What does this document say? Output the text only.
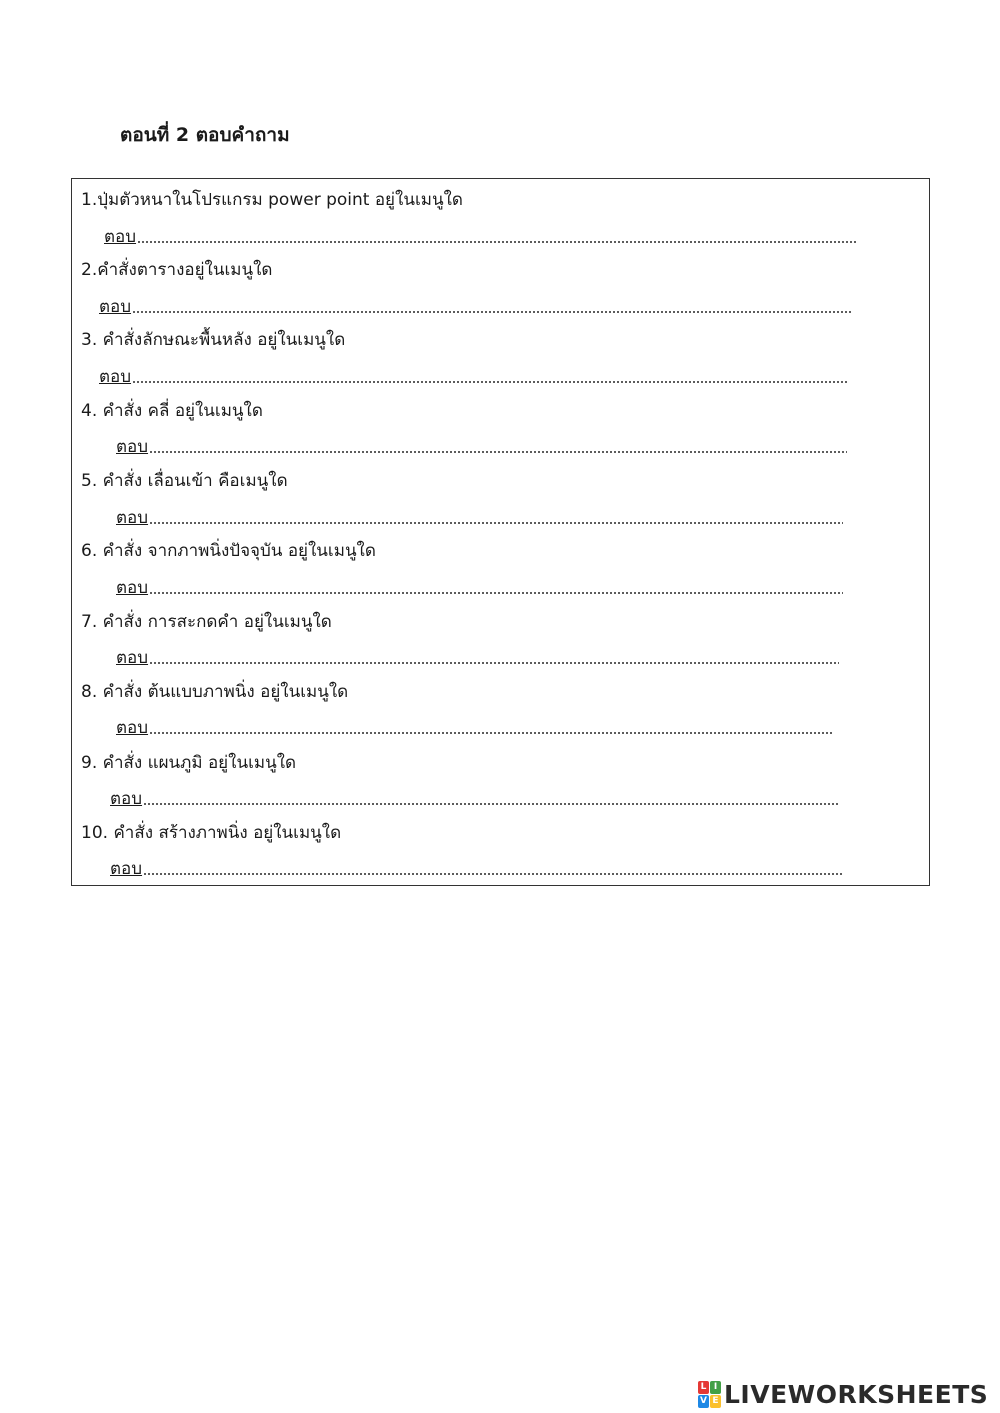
ตอนที่ 2 ตอบคำถาม
1.ปุ่มตัวหนาในโปรแกรม power point อยู่ในเมนูใด
ตอบ
2.คำสั่งตารางอยู่ในเมนูใด
ตอบ
3. คำสั่งลักษณะพื้นหลัง อยู่ในเมนูใด
ตอบ
4. คำสั่ง คลี่ อยู่ในเมนูใด
ตอบ
5. คำสั่ง เลื่อนเข้า คือเมนูใด
ตอบ
6. คำสั่ง จากภาพนิ่งปัจจุบัน อยู่ในเมนูใด
ตอบ
7. คำสั่ง การสะกดคำ อยู่ในเมนูใด
ตอบ
8. คำสั่ง ต้นแบบภาพนิ่ง อยู่ในเมนูใด
ตอบ
9. คำสั่ง แผนภูมิ อยู่ในเมนูใด
ตอบ
10. คำสั่ง สร้างภาพนิ่ง อยู่ในเมนูใด
ตอบ
L I
V E LIVEWORKSHEETS
